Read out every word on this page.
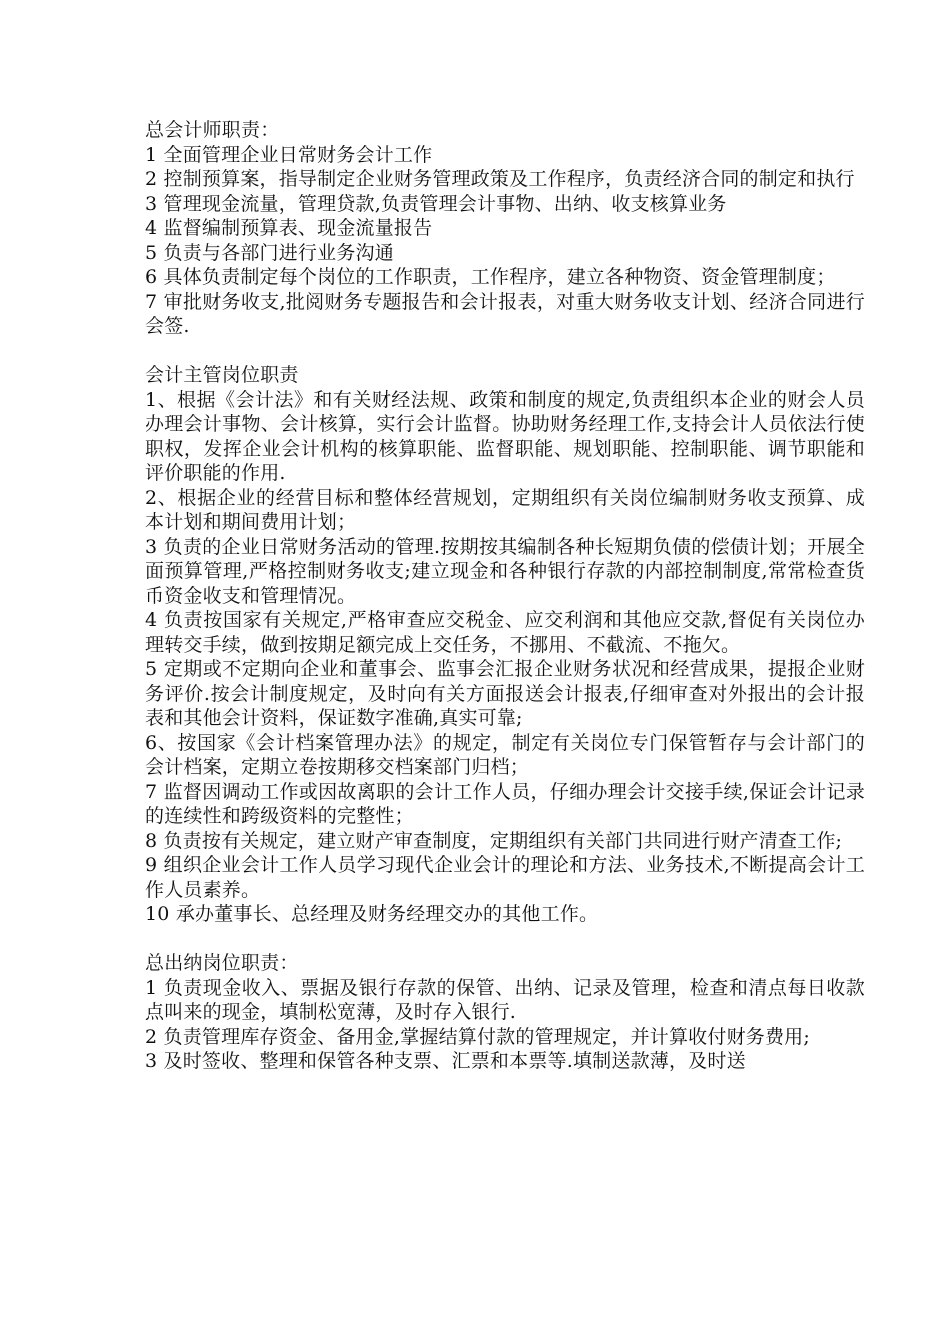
总会计师职责：

1 全面管理企业日常财务会计工作

2 控制预算案，指导制定企业财务管理政策及工作程序，负责经济合同的制定和执行

3 管理现金流量，管理贷款,负责管理会计事物、出纳、收支核算业务

4 监督编制预算表、现金流量报告

5 负责与各部门进行业务沟通

6 具体负责制定每个岗位的工作职责，工作程序，建立各种物资、资金管理制度；

7 审批财务收支,批阅财务专题报告和会计报表，对重大财务收支计划、经济合同进行会签.

会计主管岗位职责

1、根据《会计法》和有关财经法规、政策和制度的规定,负责组织本企业的财会人员办理会计事物、会计核算，实行会计监督。协助财务经理工作,支持会计人员依法行使职权，发挥企业会计机构的核算职能、监督职能、规划职能、控制职能、调节职能和评价职能的作用.

2、根据企业的经营目标和整体经营规划，定期组织有关岗位编制财务收支预算、成本计划和期间费用计划；

3 负责的企业日常财务活动的管理.按期按其编制各种长短期负债的偿债计划；开展全面预算管理,严格控制财务收支;建立现金和各种银行存款的内部控制制度,常常检查货币资金收支和管理情况。

4 负责按国家有关规定,严格审查应交税金、应交利润和其他应交款,督促有关岗位办理转交手续，做到按期足额完成上交任务，不挪用、不截流、不拖欠。

5 定期或不定期向企业和董事会、监事会汇报企业财务状况和经营成果，提报企业财务评价.按会计制度规定，及时向有关方面报送会计报表,仔细审查对外报出的会计报表和其他会计资料，保证数字准确,真实可靠;

6、按国家《会计档案管理办法》的规定，制定有关岗位专门保管暂存与会计部门的会计档案，定期立卷按期移交档案部门归档；

7 监督因调动工作或因故离职的会计工作人员，仔细办理会计交接手续,保证会计记录的连续性和跨级资料的完整性；

8 负责按有关规定，建立财产审查制度，定期组织有关部门共同进行财产清查工作;

9 组织企业会计工作人员学习现代企业会计的理论和方法、业务技术,不断提高会计工作人员素养。

10 承办董事长、总经理及财务经理交办的其他工作。

总出纳岗位职责：

1 负责现金收入、票据及银行存款的保管、出纳、记录及管理，检查和清点每日收款点叫来的现金，填制松宽薄，及时存入银行.

2 负责管理库存资金、备用金,掌握结算付款的管理规定，并计算收付财务费用;

3 及时签收、整理和保管各种支票、汇票和本票等.填制送款薄，及时送
